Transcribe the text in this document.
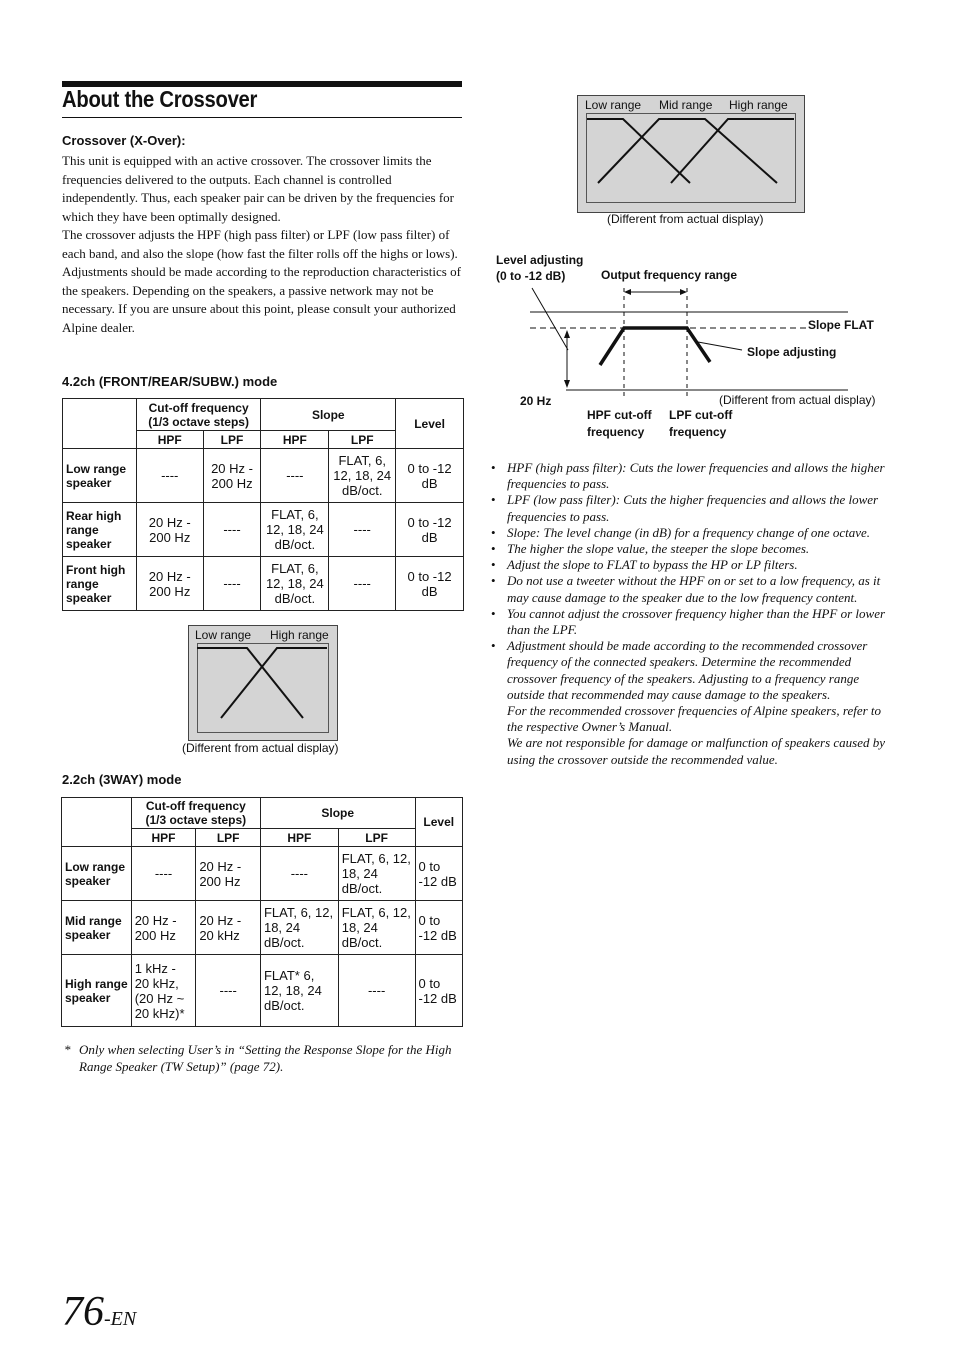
About the Crossover
Crossover (X-Over):

This unit is equipped with an active crossover. The crossover limits the frequencies delivered to the outputs. Each channel is controlled independently. Thus, each speaker pair can be driven by the frequencies for which they have been optimally designed.

The crossover adjusts the HPF (high pass filter) or LPF (low pass filter) of each band, and also the slope (how fast the filter rolls off the highs or lows).

Adjustments should be made according to the reproduction characteristics of the speakers. Depending on the speakers, a passive network may not be necessary. If you are unsure about this point, please consult your authorized Alpine dealer.

4.2ch (FRONT/REAR/SUBW.) mode
	Cut-off frequency (1/3 octave steps)		Slope		Level
	HPF	LPF	HPF	LPF	
Low range speaker	----	20 Hz - 200 Hz	----	FLAT, 6, 12, 18, 24 dB/oct.	0 to -12 dB
Rear high range speaker	20 Hz - 200 Hz	----	FLAT, 6, 12, 18, 24 dB/oct.	----	0 to -12 dB
Front high range speaker	20 Hz - 200 Hz	----	FLAT, 6, 12, 18, 24 dB/oct.	----	0 to -12 dB
Low range High range
(Different from actual display)
2.2ch (3WAY) mode
	Cut-off frequency (1/3 octave steps)		Slope		Level
	HPF	LPF	HPF	LPF	
Low range speaker	----	20 Hz - 200 Hz	----	FLAT, 6, 12, 18, 24 dB/oct.	0 to -12 dB
Mid range speaker	20 Hz - 200 Hz	20 Hz - 20 kHz	FLAT, 6, 12, 18, 24 dB/oct.	FLAT, 6, 12, 18, 24 dB/oct.	0 to -12 dB
High range speaker	1 kHz - 20 kHz, (20 Hz ~ 20 kHz)*	----	FLAT* 6, 12, 18, 24 dB/oct.	----	0 to -12 dB
* Only when selecting User’s in “Setting the Response Slope for the High Range Speaker (TW Setup)” (page 72).
Low range Mid range High range
(Different from actual display)
Level adjusting
(0 to -12 dB)	Output frequency range
Slope FLAT
Slope adjusting
20 Hz	(Different from actual display)
HPF cut-off
frequency
LPF cut-off
frequency
• HPF (high pass filter): Cuts the lower frequencies and allows the higher frequencies to pass.
• LPF (low pass filter): Cuts the higher frequencies and allows the lower frequencies to pass.
• Slope: The level change (in dB) for a frequency change of one octave.
• The higher the slope value, the steeper the slope becomes.
• Adjust the slope to FLAT to bypass the HP or LP filters.
• Do not use a tweeter without the HPF on or set to a low frequency, as it may cause damage to the speaker due to the low frequency content.
• You cannot adjust the crossover frequency higher than the HPF or lower than the LPF.
• Adjustment should be made according to the recommended crossover frequency of the connected speakers. Determine the recommended crossover frequency of the speakers. Adjusting to a frequency range outside that recommended may cause damage to the speakers.
For the recommended crossover frequencies of Alpine speakers, refer to the respective Owner’s Manual.
We are not responsible for damage or malfunction of speakers caused by using the crossover outside the recommended value.
76-EN
